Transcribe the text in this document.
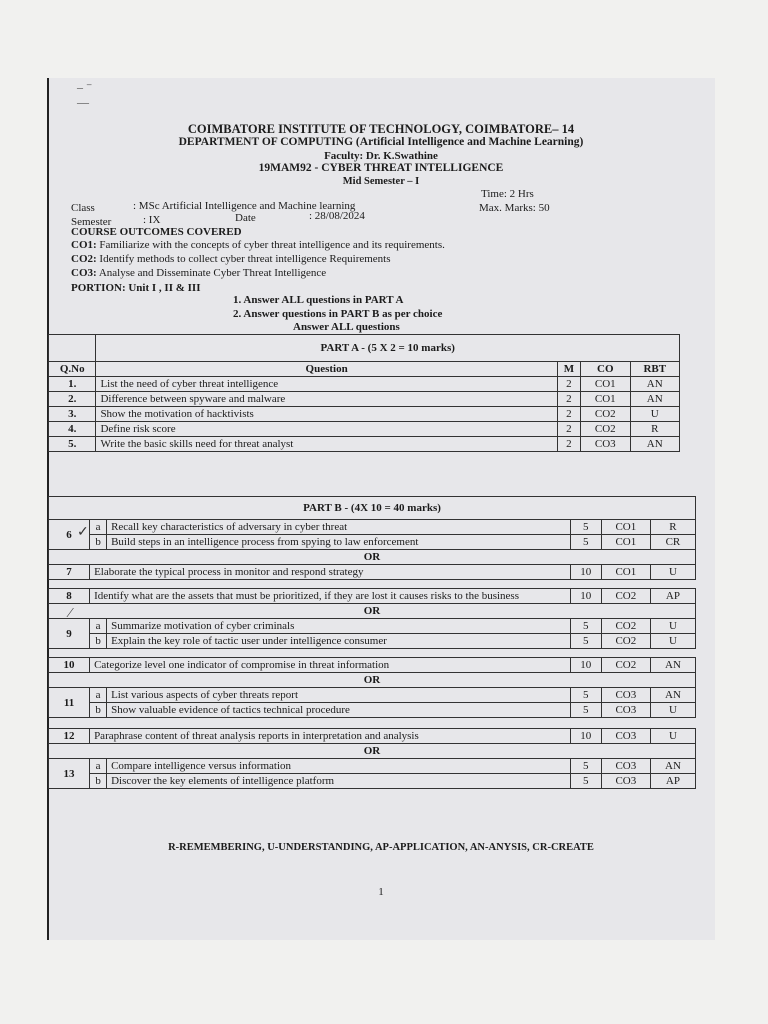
‒ ⁻
―
COIMBATORE INSTITUTE OF TECHNOLOGY, COIMBATORE– 14
DEPARTMENT OF COMPUTING (Artificial Intelligence and Machine Learning)
Faculty: Dr. K.Swathine
19MAM92 - CYBER THREAT INTELLIGENCE
Mid Semester – I
Class	: MSc Artificial Intelligence and Machine learning
Semester	: IX	Date	: 28/08/2024
Time: 2 Hrs
Max. Marks: 50
COURSE OUTCOMES COVERED
CO1: Familiarize with the concepts of cyber threat intelligence and its requirements.
CO2: Identify methods to collect cyber threat intelligence Requirements
CO3: Analyse and Disseminate Cyber Threat Intelligence
PORTION: Unit I , II & III
1. Answer ALL questions in PART A
2. Answer questions in PART B as per choice
Answer ALL questions
	PART A - (5 X 2 = 10 marks)			
Q.No	Question	M	CO	RBT
1.	List the need of cyber threat intelligence	2	CO1	AN
2.	Difference between spyware and malware	2	CO1	AN
3.	Show the motivation of hacktivists	2	CO2	U
4.	Define risk score	2	CO2	R
5.	Write the basic skills need for threat analyst	2	CO3	AN
PART B - (4X 10 = 40 marks)					
6	a	Recall key characteristics of adversary in cyber threat	5	CO1	R
	b	Build steps in an intelligence process from spying to law enforcement	5	CO1	CR
OR					
7	Elaborate the typical process in monitor and respond strategy		10	CO1	U

8	Identify what are the assets that must be prioritized, if they are lost it causes risks to the business		10	CO2	AP
OR					
9	a	Summarize motivation of cyber criminals	5	CO2	U
	b	Explain the key role of tactic user under intelligence consumer	5	CO2	U

10	Categorize level one indicator of compromise in threat information		10	CO2	AN
OR					
11	a	List various aspects of cyber threats report	5	CO3	AN
	b	Show valuable evidence of tactics technical procedure	5	CO3	U

12	Paraphrase content of threat analysis reports in interpretation and analysis		10	CO3	U
OR					
13	a	Compare intelligence versus information	5	CO3	AN
	b	Discover the key elements of intelligence platform	5	CO3	AP
✓
⁄
R-REMEMBERING, U-UNDERSTANDING, AP-APPLICATION, AN-ANYSIS, CR-CREATE
1
